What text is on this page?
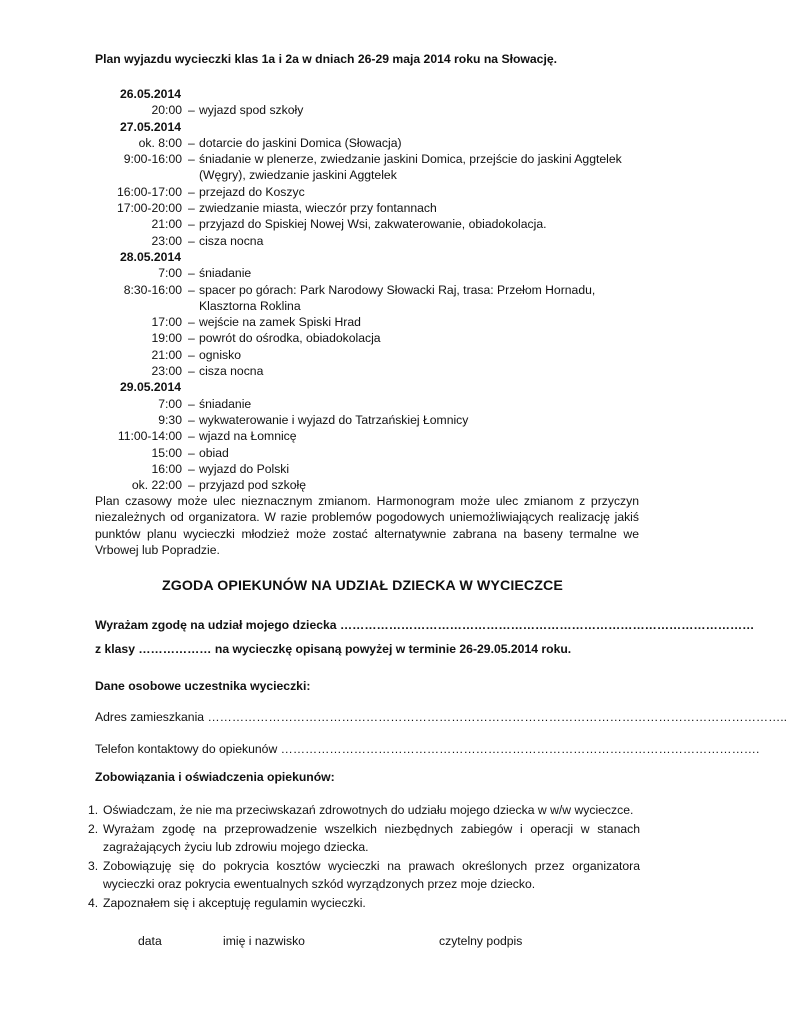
Plan wyjazdu wycieczki klas 1a i 2a w dniach 26-29 maja 2014 roku na Słowację.
26.05.2014
20:00 – wyjazd spod szkoły
27.05.2014
ok. 8:00 – dotarcie do jaskini Domica (Słowacja)
9:00-16:00 – śniadanie w plenerze, zwiedzanie jaskini Domica, przejście do jaskini Aggtelek
(Węgry), zwiedzanie jaskini Aggtelek
16:00-17:00 – przejazd do Koszyc
17:00-20:00 – zwiedzanie miasta, wieczór przy fontannach
21:00 – przyjazd do Spiskiej Nowej Wsi, zakwaterowanie, obiadokolacja.
23:00 – cisza nocna
28.05.2014
7:00 – śniadanie
8:30-16:00 – spacer po górach: Park Narodowy Słowacki Raj, trasa: Przełom Hornadu,
Klasztorna Roklina
17:00 – wejście na zamek Spiski Hrad
19:00 – powrót do ośrodka, obiadokolacja
21:00 – ognisko
23:00 – cisza nocna
29.05.2014
7:00 – śniadanie
9:30 – wykwaterowanie i wyjazd do Tatrzańskiej Łomnicy
11:00-14:00 – wjazd na Łomnicę
15:00 – obiad
16:00 – wyjazd do Polski
ok. 22:00 – przyjazd pod szkołę
Plan czasowy może ulec nieznacznym zmianom. Harmonogram może ulec zmianom z przyczyn niezależnych od organizatora. W razie problemów pogodowych uniemożliwiających realizację jakiś punktów planu wycieczki młodzież może zostać alternatywnie zabrana na baseny termalne we Vrbowej lub Popradzie.
ZGODA OPIEKUNÓW NA UDZIAŁ DZIECKA W WYCIECZCE
Wyrażam zgodę na udział mojego dziecka …………………………………………………………………………………………
z klasy ……………… na wycieczkę opisaną powyżej w terminie 26-29.05.2014 roku.
Dane osobowe uczestnika wycieczki:
Adres zamieszkania ……………………………………………………………………………………………………………………………..
Telefon kontaktowy do opiekunów ……………………………………………………………………………………………………….
Zobowiązania i oświadczenia opiekunów:
1. Oświadczam, że nie ma przeciwskazań zdrowotnych do udziału mojego dziecka w w/w wycieczce.
2. Wyrażam zgodę na przeprowadzenie wszelkich niezbędnych zabiegów i operacji w stanach zagrażających życiu lub zdrowiu mojego dziecka.
3. Zobowiązuję się do pokrycia kosztów wycieczki na prawach określonych przez organizatora wycieczki oraz pokrycia ewentualnych szkód wyrządzonych przez moje dziecko.
4. Zapoznałem się i akceptuję regulamin wycieczki.
data	imię i nazwisko	czytelny podpis
